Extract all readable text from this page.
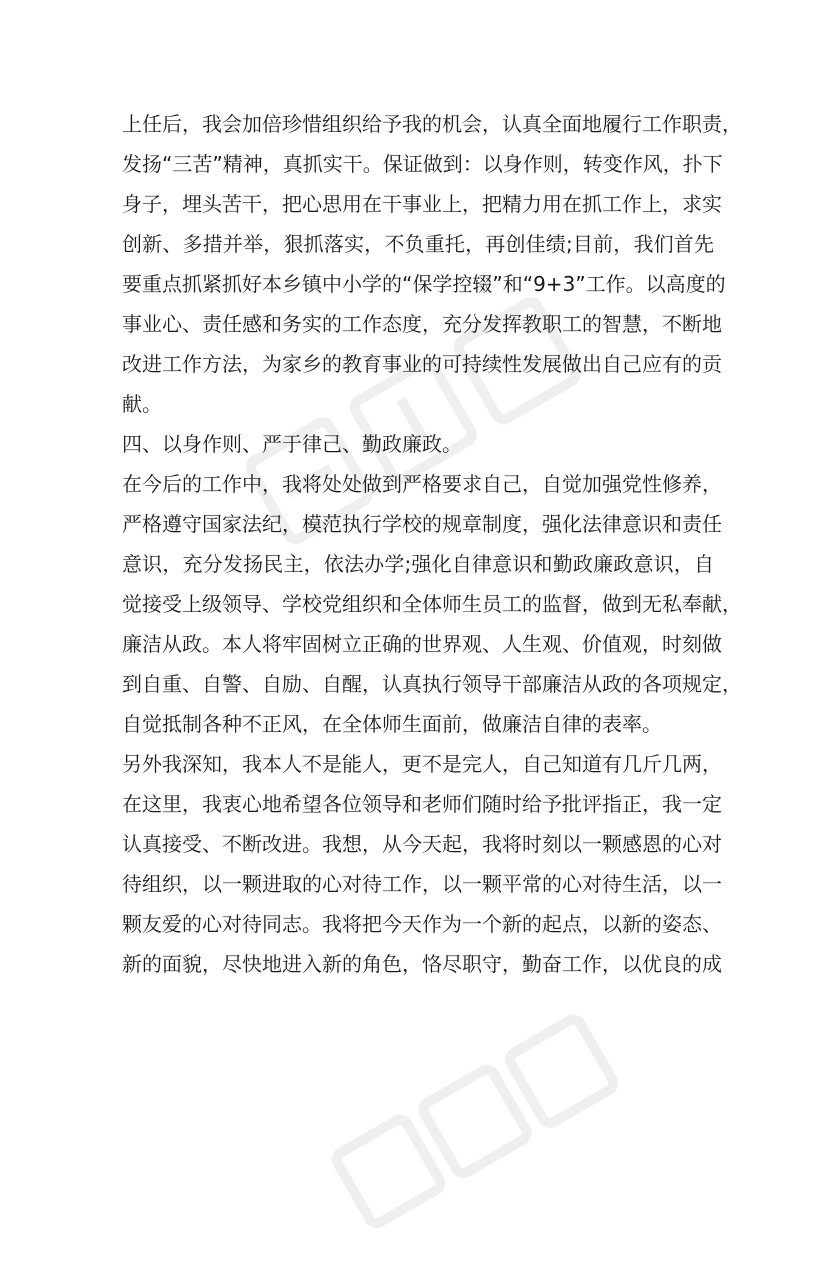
上任后，我会加倍珍惜组织给予我的机会，认真全面地履行工作职责，
发扬“三苦”精神，真抓实干。保证做到：以身作则，转变作风，扑下
身子，埋头苦干，把心思用在干事业上，把精力用在抓工作上，求实
创新、多措并举，狠抓落实，不负重托，再创佳绩;目前，我们首先
要重点抓紧抓好本乡镇中小学的“保学控辍”和“9+3”工作。以高度的
事业心、责任感和务实的工作态度，充分发挥教职工的智慧，不断地
改进工作方法，为家乡的教育事业的可持续性发展做出自己应有的贡
献。

四、以身作则、严于律己、勤政廉政。

在今后的工作中，我将处处做到严格要求自己，自觉加强党性修养，
严格遵守国家法纪，模范执行学校的规章制度，强化法律意识和责任
意识，充分发扬民主，依法办学;强化自律意识和勤政廉政意识，自
觉接受上级领导、学校党组织和全体师生员工的监督，做到无私奉献，
廉洁从政。本人将牢固树立正确的世界观、人生观、价值观，时刻做
到自重、自警、自励、自醒，认真执行领导干部廉洁从政的各项规定，
自觉抵制各种不正风，在全体师生面前，做廉洁自律的表率。

另外我深知，我本人不是能人，更不是完人，自己知道有几斤几两，
在这里，我衷心地希望各位领导和老师们随时给予批评指正，我一定
认真接受、不断改进。我想，从今天起，我将时刻以一颗感恩的心对
待组织，以一颗进取的心对待工作，以一颗平常的心对待生活，以一
颗友爱的心对待同志。我将把今天作为一个新的起点，以新的姿态、
新的面貌，尽快地进入新的角色，恪尽职守，勤奋工作，以优良的成
